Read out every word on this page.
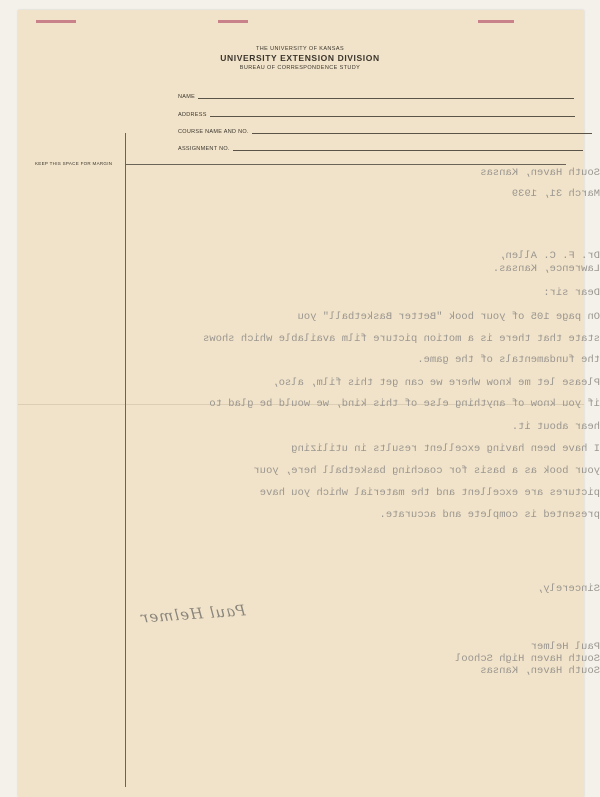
THE UNIVERSITY OF KANSAS
UNIVERSITY EXTENSION DIVISION
BUREAU OF CORRESPONDENCE STUDY
NAME
ADDRESS
COURSE NAME AND NO.
ASSIGNMENT NO.
KEEP THIS SPACE FOR MARGIN
South Haven, Kansas
March 31, 1939
Dr. F. C. Allen,
Lawrence, Kansas.
Dear sir:
On page 105 of your book "Better Basketball" you
state that there is a motion picture film available which shows
the fundamentals of the game.
Please let me know where we can get this film, also,
if you know of anything else of this kind, we would be glad to
hear about it.
I have been having excellent results in utilizing
your book as a basis for coaching basketball here, your
pictures are excellent and the material which you have
presented is complete and accurate.
Sincerely,
Paul Helmer
Paul Helmer
South Haven High School
South Haven, Kansas
